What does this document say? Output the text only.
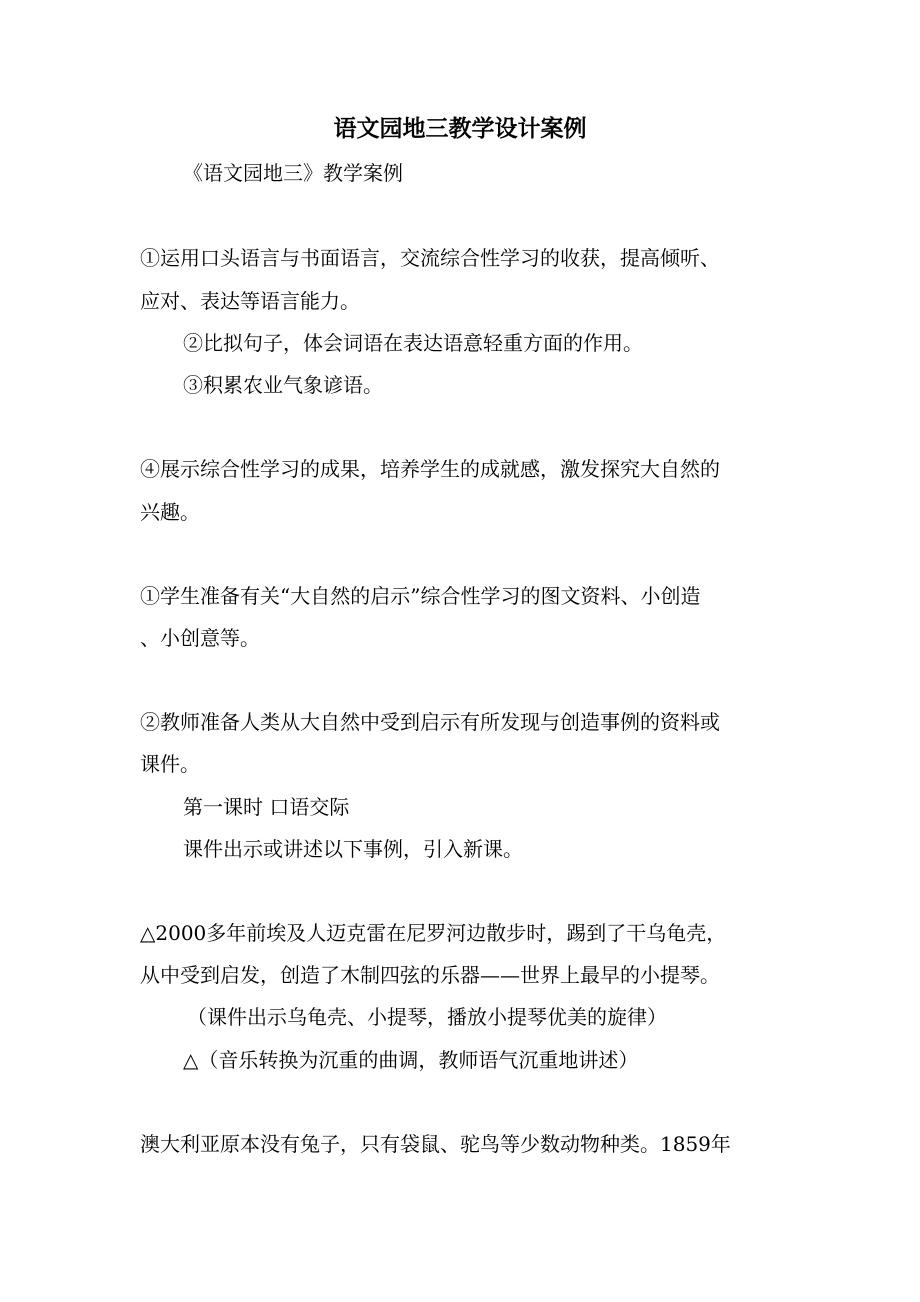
语文园地三教学设计案例

《语文园地三》教学案例

①运用口头语言与书面语言，交流综合性学习的收获，提高倾听、

应对、表达等语言能力。

②比拟句子，体会词语在表达语意轻重方面的作用。

③积累农业气象谚语。

④展示综合性学习的成果，培养学生的成就感，激发探究大自然的

兴趣。

①学生准备有关“大自然的启示”综合性学习的图文资料、小创造

、小创意等。

②教师准备人类从大自然中受到启示有所发现与创造事例的资料或

课件。

第一课时 口语交际

课件出示或讲述以下事例，引入新课。

△2000多年前埃及人迈克雷在尼罗河边散步时，踢到了干乌龟壳，

从中受到启发，创造了木制四弦的乐器——世界上最早的小提琴。

（课件出示乌龟壳、小提琴，播放小提琴优美的旋律）

△（音乐转换为沉重的曲调，教师语气沉重地讲述）

澳大利亚原本没有兔子，只有袋鼠、驼鸟等少数动物种类。1859年
